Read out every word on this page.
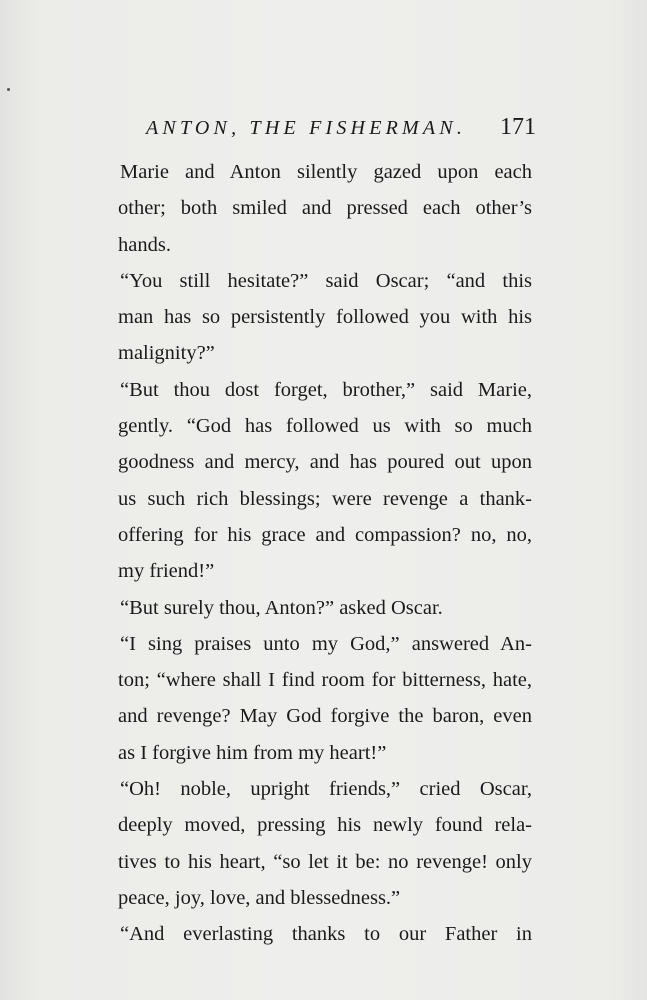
ANTON, THE FISHERMAN. 171
Marie and Anton silently gazed upon each
other; both smiled and pressed each other’s
hands.
“You still hesitate?” said Oscar; “and this
man has so persistently followed you with his
malignity?”
“But thou dost forget, brother,” said Marie,
gently. “God has followed us with so much
goodness and mercy, and has poured out upon
us such rich blessings; were revenge a thank-
offering for his grace and compassion? no, no,
my friend!”
“But surely thou, Anton?” asked Oscar.
“I sing praises unto my God,” answered An-
ton; “where shall I find room for bitterness, hate,
and revenge? May God forgive the baron, even
as I forgive him from my heart!”
“Oh! noble, upright friends,” cried Oscar,
deeply moved, pressing his newly found rela-
tives to his heart, “so let it be: no revenge! only
peace, joy, love, and blessedness.”
“And everlasting thanks to our Father in
